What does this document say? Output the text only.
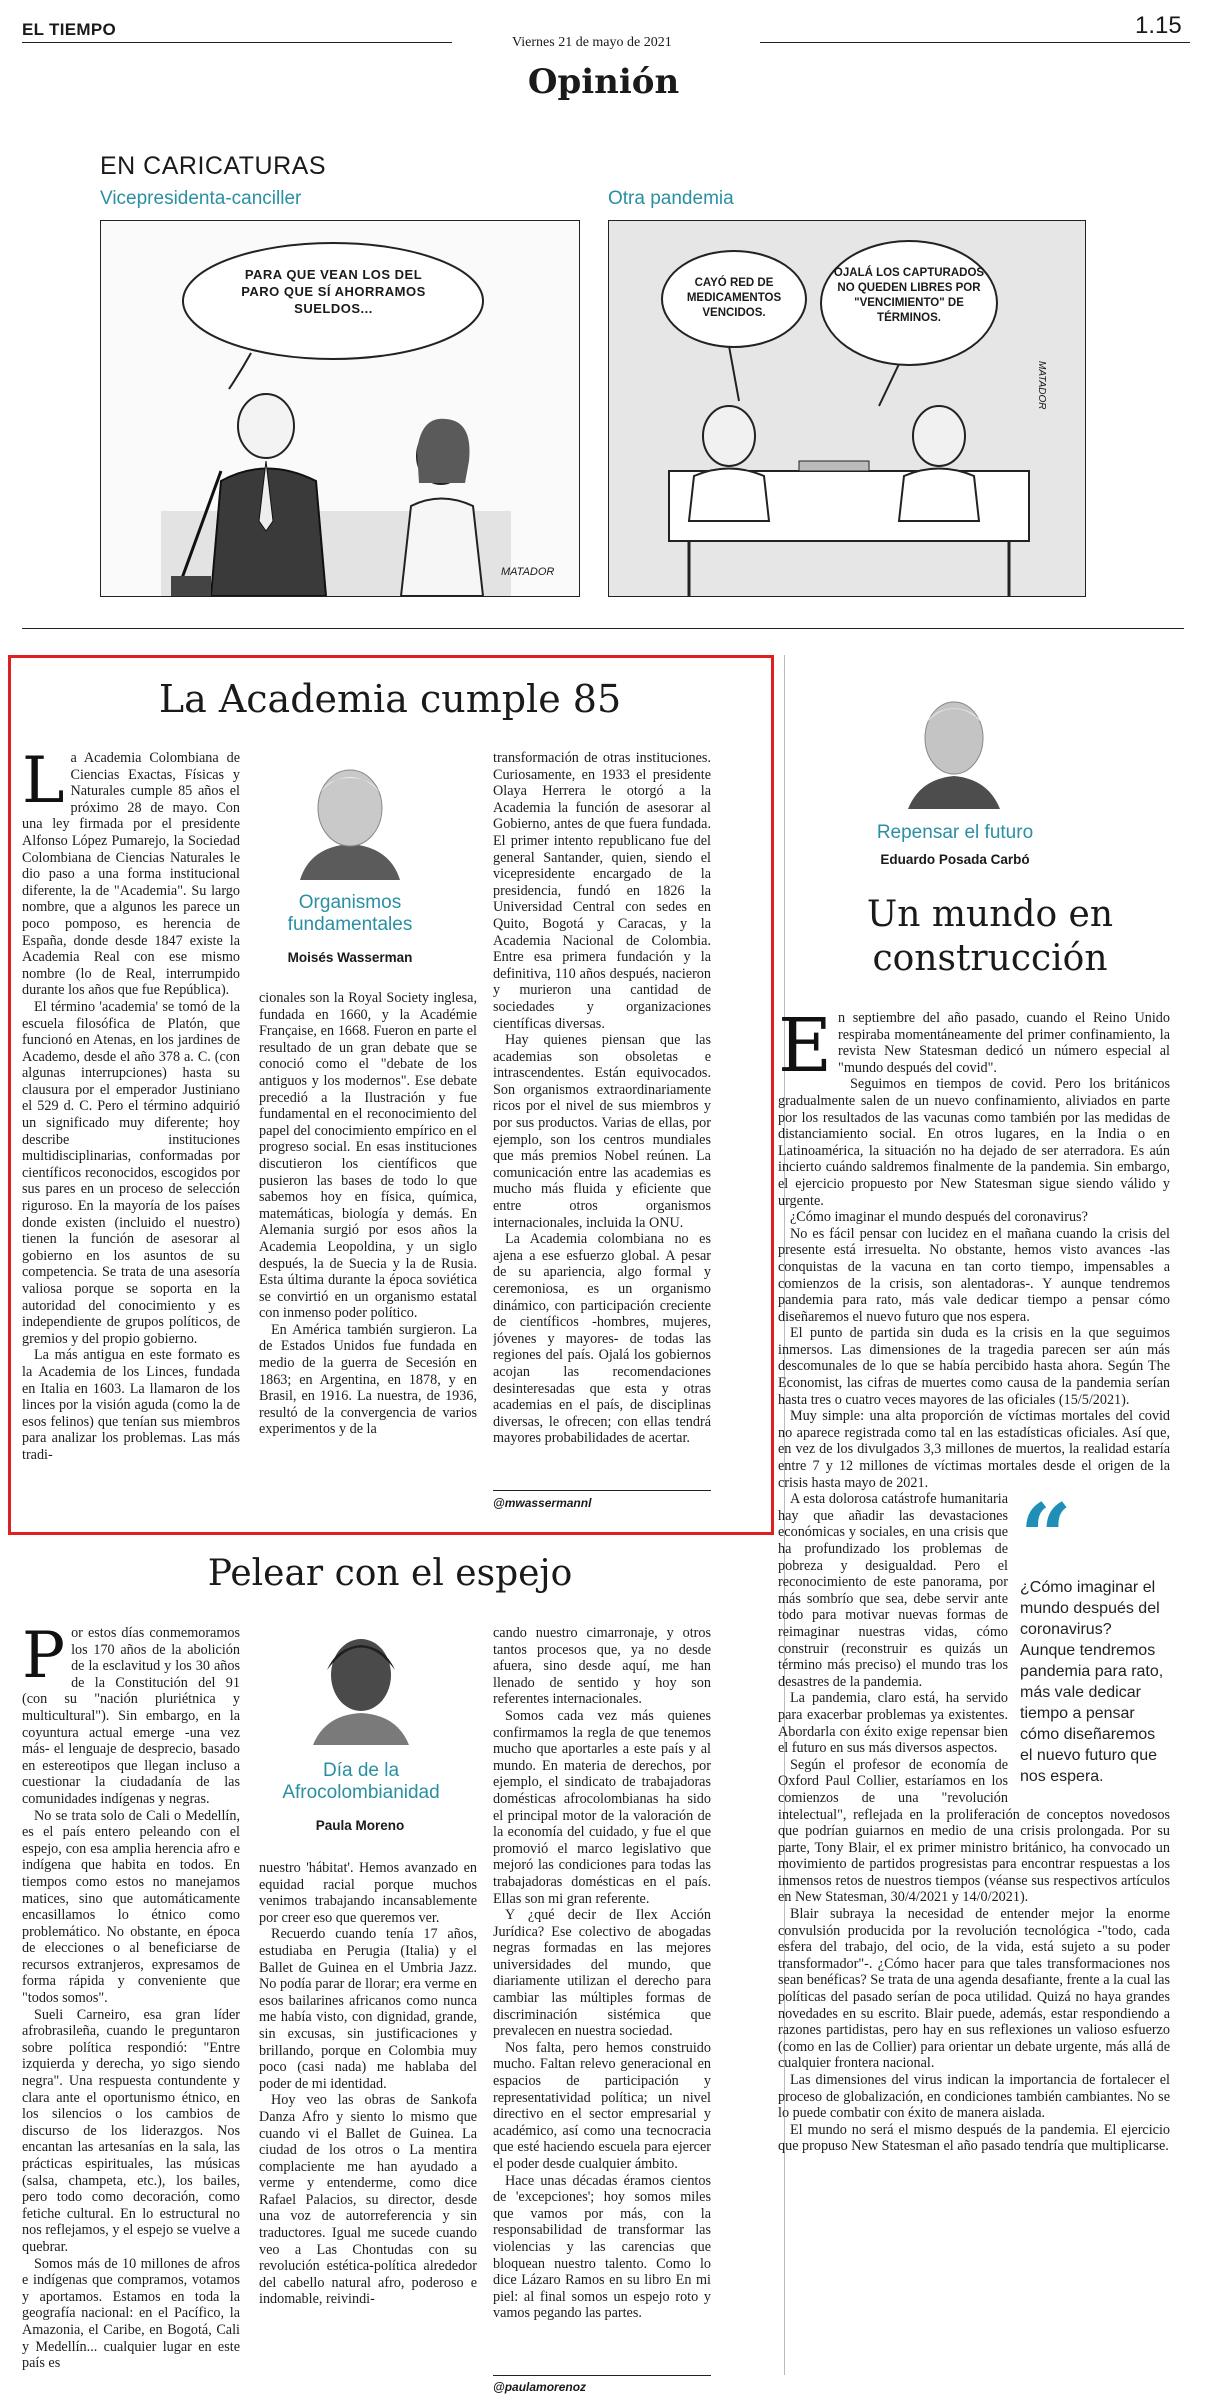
EL TIEMPO
Viernes 21 de mayo de 2021
1.15
Opinión
EN CARICATURAS
Vicepresidenta-canciller	Otra pandemia
PARA QUE VEAN LOS DEL PARO QUE SÍ AHORRAMOS SUELDOS...
MATADOR
CAYÓ RED DE MEDICAMENTOS VENCIDOS.
OJALÁ LOS CAPTURADOS NO QUEDEN LIBRES POR "VENCIMIENTO" DE TÉRMINOS.
MATADOR
La Academia cumple 85
L a Academia Colombiana de Ciencias Exactas, Físicas y Naturales cumple 85 años el próximo 28 de mayo. Con una ley firmada por el presidente Alfonso López Pumarejo, la Sociedad Colombiana de Ciencias Naturales le dio paso a una forma institucional diferente, la de "Academia". Su largo nombre, que a algunos les parece un poco pomposo, es herencia de España, donde desde 1847 existe la Academia Real con ese mismo nombre (lo de Real, interrumpido durante los años que fue República).

El término 'academia' se tomó de la escuela filosófica de Platón, que funcionó en Atenas, en los jardines de Academo, desde el año 378 a. C. (con algunas interrupciones) hasta su clausura por el emperador Justiniano el 529 d. C. Pero el término adquirió un significado muy diferente; hoy describe instituciones multidisciplinarias, conformadas por científicos reconocidos, escogidos por sus pares en un proceso de selección riguroso. En la mayoría de los países donde existen (incluido el nuestro) tienen la función de asesorar al gobierno en los asuntos de su competencia. Se trata de una asesoría valiosa porque se soporta en la autoridad del conocimiento y es independiente de grupos políticos, de gremios y del propio gobierno.

La más antigua en este formato es la Academia de los Linces, fundada en Italia en 1603. La llamaron de los linces por la visión aguda (como la de esos felinos) que tenían sus miembros para analizar los problemas. Las más tradi-

Organismos fundamentales
Moisés Wasserman

cionales son la Royal Society inglesa, fundada en 1660, y la Académie Française, en 1668. Fueron en parte el resultado de un gran debate que se conoció como el "debate de los antiguos y los modernos". Ese debate precedió a la Ilustración y fue fundamental en el reconocimiento del papel del conocimiento empírico en el progreso social. En esas instituciones discutieron los científicos que pusieron las bases de todo lo que sabemos hoy en física, química, matemáticas, biología y demás. En Alemania surgió por esos años la Academia Leopoldina, y un siglo después, la de Suecia y la de Rusia. Esta última durante la época soviética se convirtió en un organismo estatal con inmenso poder político.

En América también surgieron. La de Estados Unidos fue fundada en medio de la guerra de Secesión en 1863; en Argentina, en 1878, y en Brasil, en 1916. La nuestra, de 1936, resultó de la convergencia de varios experimentos y de la

transformación de otras instituciones. Curiosamente, en 1933 el presidente Olaya Herrera le otorgó a la Academia la función de asesorar al Gobierno, antes de que fuera fundada. El primer intento republicano fue del general Santander, quien, siendo el vicepresidente encargado de la presidencia, fundó en 1826 la Universidad Central con sedes en Quito, Bogotá y Caracas, y la Academia Nacional de Colombia. Entre esa primera fundación y la definitiva, 110 años después, nacieron y murieron una cantidad de sociedades y organizaciones científicas diversas.

Hay quienes piensan que las academias son obsoletas e intrascendentes. Están equivocados. Son organismos extraordinariamente ricos por el nivel de sus miembros y por sus productos. Varias de ellas, por ejemplo, son los centros mundiales que más premios Nobel reúnen. La comunicación entre las academias es mucho más fluida y eficiente que entre otros organismos internacionales, incluida la ONU.

La Academia colombiana no es ajena a ese esfuerzo global. A pesar de su apariencia, algo formal y ceremoniosa, es un organismo dinámico, con participación creciente de científicos -hombres, mujeres, jóvenes y mayores- de todas las regiones del país. Ojalá los gobiernos acojan las recomendaciones desinteresadas que esta y otras academias en el país, de disciplinas diversas, le ofrecen; con ellas tendrá mayores probabilidades de acertar.

@mwassermannl
Pelear con el espejo
P or estos días conmemoramos los 170 años de la abolición de la esclavitud y los 30 años de la Constitución del 91 (con su "nación pluriétnica y multicultural"). Sin embargo, en la coyuntura actual emerge -una vez más- el lenguaje de desprecio, basado en estereotipos que llegan incluso a cuestionar la ciudadanía de las comunidades indígenas y negras.

No se trata solo de Cali o Medellín, es el país entero peleando con el espejo, con esa amplia herencia afro e indígena que habita en todos. En tiempos como estos no manejamos matices, sino que automáticamente encasillamos lo étnico como problemático. No obstante, en época de elecciones o al beneficiarse de recursos extranjeros, expresamos de forma rápida y conveniente que "todos somos".

Sueli Carneiro, esa gran líder afrobrasileña, cuando le preguntaron sobre política respondió: "Entre izquierda y derecha, yo sigo siendo negra". Una respuesta contundente y clara ante el oportunismo étnico, en los silencios o los cambios de discurso de los liderazgos. Nos encantan las artesanías en la sala, las prácticas espirituales, las músicas (salsa, champeta, etc.), los bailes, pero todo como decoración, como fetiche cultural. En lo estructural no nos reflejamos, y el espejo se vuelve a quebrar.

Somos más de 10 millones de afros e indígenas que compramos, votamos y aportamos. Estamos en toda la geografía nacional: en el Pacífico, la Amazonia, el Caribe, en Bogotá, Cali y Medellín... cualquier lugar en este país es

Día de la Afrocolombianidad
Paula Moreno

nuestro 'hábitat'. Hemos avanzado en equidad racial porque muchos venimos trabajando incansablemente por creer eso que queremos ver.

Recuerdo cuando tenía 17 años, estudiaba en Perugia (Italia) y el Ballet de Guinea en el Umbria Jazz. No podía parar de llorar; era verme en esos bailarines africanos como nunca me había visto, con dignidad, grande, sin excusas, sin justificaciones y brillando, porque en Colombia muy poco (casi nada) me hablaba del poder de mi identidad.

Hoy veo las obras de Sankofa Danza Afro y siento lo mismo que cuando vi el Ballet de Guinea. La ciudad de los otros o La mentira complaciente me han ayudado a verme y entenderme, como dice Rafael Palacios, su director, desde una voz de autorreferencia y sin traductores. Igual me sucede cuando veo a Las Chontudas con su revolución estética-política alrededor del cabello natural afro, poderoso e indomable, reivindi-

cando nuestro cimarronaje, y otros tantos procesos que, ya no desde afuera, sino desde aquí, me han llenado de sentido y hoy son referentes internacionales.

Somos cada vez más quienes confirmamos la regla de que tenemos mucho que aportarles a este país y al mundo. En materia de derechos, por ejemplo, el sindicato de trabajadoras domésticas afrocolombianas ha sido el principal motor de la valoración de la economía del cuidado, y fue el que promovió el marco legislativo que mejoró las condiciones para todas las trabajadoras domésticas en el país. Ellas son mi gran referente.

Y ¿qué decir de Ilex Acción Jurídica? Ese colectivo de abogadas negras formadas en las mejores universidades del mundo, que diariamente utilizan el derecho para cambiar las múltiples formas de discriminación sistémica que prevalecen en nuestra sociedad.

Nos falta, pero hemos construido mucho. Faltan relevo generacional en espacios de participación y representatividad política; un nivel directivo en el sector empresarial y académico, así como una tecnocracia que esté haciendo escuela para ejercer el poder desde cualquier ámbito.

Hace unas décadas éramos cientos de 'excepciones'; hoy somos miles que vamos por más, con la responsabilidad de transformar las violencias y las carencias que bloquean nuestro talento. Como lo dice Lázaro Ramos en su libro En mi piel: al final somos un espejo roto y vamos pegando las partes.

@paulamorenoz
Repensar el futuro
Eduardo Posada Carbó
Un mundo en construcción
E n septiembre del año pasado, cuando el Reino Unido respiraba momentáneamente del primer confinamiento, la revista New Statesman dedicó un número especial al "mundo después del covid".

Seguimos en tiempos de covid. Pero los británicos gradualmente salen de un nuevo confinamiento, aliviados en parte por los resultados de las vacunas como también por las medidas de distanciamiento social. En otros lugares, en la India o en Latinoamérica, la situación no ha dejado de ser aterradora. Es aún incierto cuándo saldremos finalmente de la pandemia. Sin embargo, el ejercicio propuesto por New Statesman sigue siendo válido y urgente.

¿Cómo imaginar el mundo después del coronavirus?

No es fácil pensar con lucidez en el mañana cuando la crisis del presente está irresuelta. No obstante, hemos visto avances -las conquistas de la vacuna en tan corto tiempo, impensables a comienzos de la crisis, son alentadoras-. Y aunque tendremos pandemia para rato, más vale dedicar tiempo a pensar cómo diseñaremos el nuevo futuro que nos espera.

El punto de partida sin duda es la crisis en la que seguimos inmersos. Las dimensiones de la tragedia parecen ser aún más descomunales de lo que se había percibido hasta ahora. Según The Economist, las cifras de muertes como causa de la pandemia serían hasta tres o cuatro veces mayores de las oficiales (15/5/2021).

Muy simple: una alta proporción de víctimas mortales del covid no aparece registrada como tal en las estadísticas oficiales. Así que, en vez de los divulgados 3,3 millones de muertos, la realidad estaría entre 7 y 12 millones de víctimas mortales desde el origen de la crisis hasta mayo de 2021.

“
¿Cómo imaginar el mundo después del coronavirus? Aunque tendremos pandemia para rato, más vale dedicar tiempo a pensar cómo diseñaremos el nuevo futuro que nos espera.

A esta dolorosa catástrofe humanitaria hay que añadir las devastaciones económicas y sociales, en una crisis que ha profundizado los problemas de pobreza y desigualdad. Pero el reconocimiento de este panorama, por más sombrío que sea, debe servir ante todo para motivar nuevas formas de reimaginar nuestras vidas, cómo construir (reconstruir es quizás un término más preciso) el mundo tras los desastres de la pandemia.

La pandemia, claro está, ha servido para exacerbar problemas ya existentes. Abordarla con éxito exige repensar bien el futuro en sus más diversos aspectos.

Según el profesor de economía de Oxford Paul Collier, estaríamos en los comienzos de una "revolución intelectual", reflejada en la proliferación de conceptos novedosos que podrían guiarnos en medio de una crisis prolongada. Por su parte, Tony Blair, el ex primer ministro británico, ha convocado un movimiento de partidos progresistas para encontrar respuestas a los inmensos retos de nuestros tiempos (véanse sus respectivos artículos en New Statesman, 30/4/2021 y 14/0/2021).

Blair subraya la necesidad de entender mejor la enorme convulsión producida por la revolución tecnológica -"todo, cada esfera del trabajo, del ocio, de la vida, está sujeto a su poder transformador"-. ¿Cómo hacer para que tales transformaciones nos sean benéficas? Se trata de una agenda desafiante, frente a la cual las políticas del pasado serían de poca utilidad. Quizá no haya grandes novedades en su escrito. Blair puede, además, estar respondiendo a razones partidistas, pero hay en sus reflexiones un valioso esfuerzo (como en las de Collier) para orientar un debate urgente, más allá de cualquier frontera nacional.

Las dimensiones del virus indican la importancia de fortalecer el proceso de globalización, en condiciones también cambiantes. No se lo puede combatir con éxito de manera aislada.

El mundo no será el mismo después de la pandemia. El ejercicio que propuso New Statesman el año pasado tendría que multiplicarse.
